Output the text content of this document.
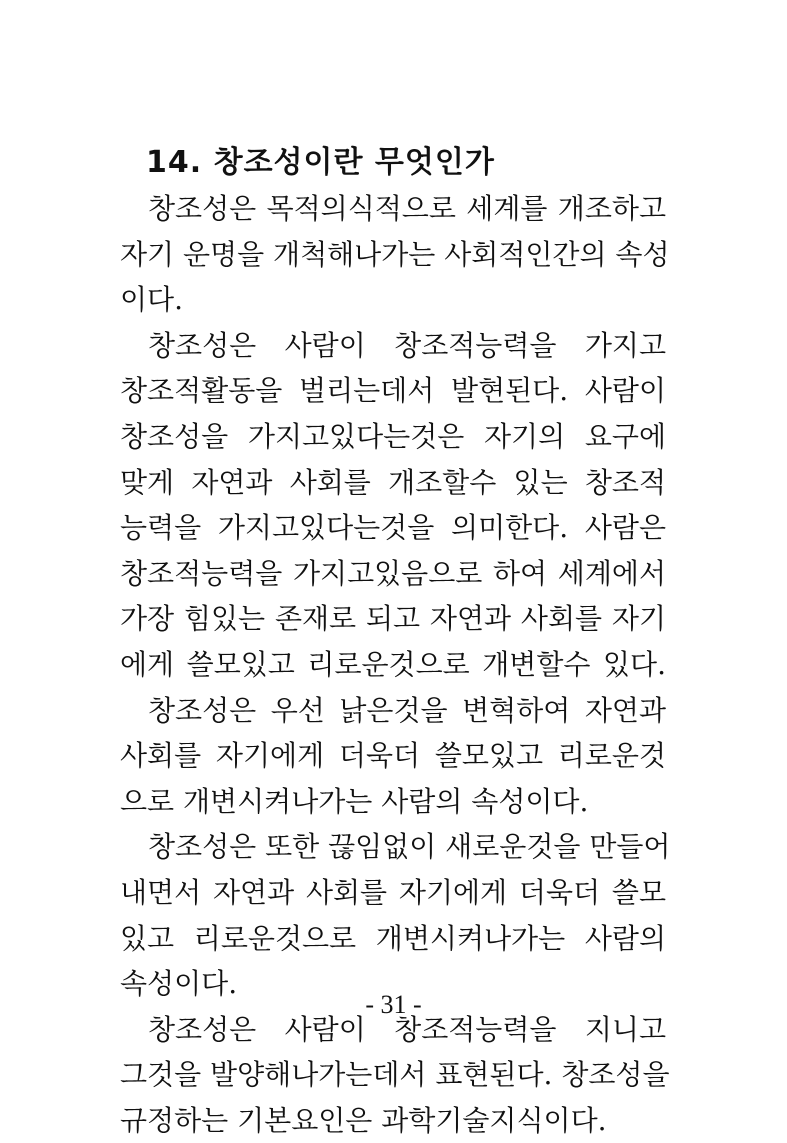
14. 창조성이란 무엇인가
창조성은 목적의식적으로 세계를 개조하고
자기 운명을 개척해나가는 사회적인간의 속성
이다.
창조성은 사람이 창조적능력을 가지고
창조적활동을 벌리는데서 발현된다. 사람이
창조성을 가지고있다는것은 자기의 요구에
맞게 자연과 사회를 개조할수 있는 창조적
능력을 가지고있다는것을 의미한다. 사람은
창조적능력을 가지고있음으로 하여 세계에서
가장 힘있는 존재로 되고 자연과 사회를 자기
에게 쓸모있고 리로운것으로 개변할수 있다.
창조성은 우선 낡은것을 변혁하여 자연과
사회를 자기에게 더욱더 쓸모있고 리로운것
으로 개변시켜나가는 사람의 속성이다.
창조성은 또한 끊임없이 새로운것을 만들어
내면서 자연과 사회를 자기에게 더욱더 쓸모
있고 리로운것으로 개변시켜나가는 사람의
속성이다.
창조성은 사람이 창조적능력을 지니고
그것을 발양해나가는데서 표현된다. 창조성을
규정하는 기본요인은 과학기술지식이다.
- 31 -
